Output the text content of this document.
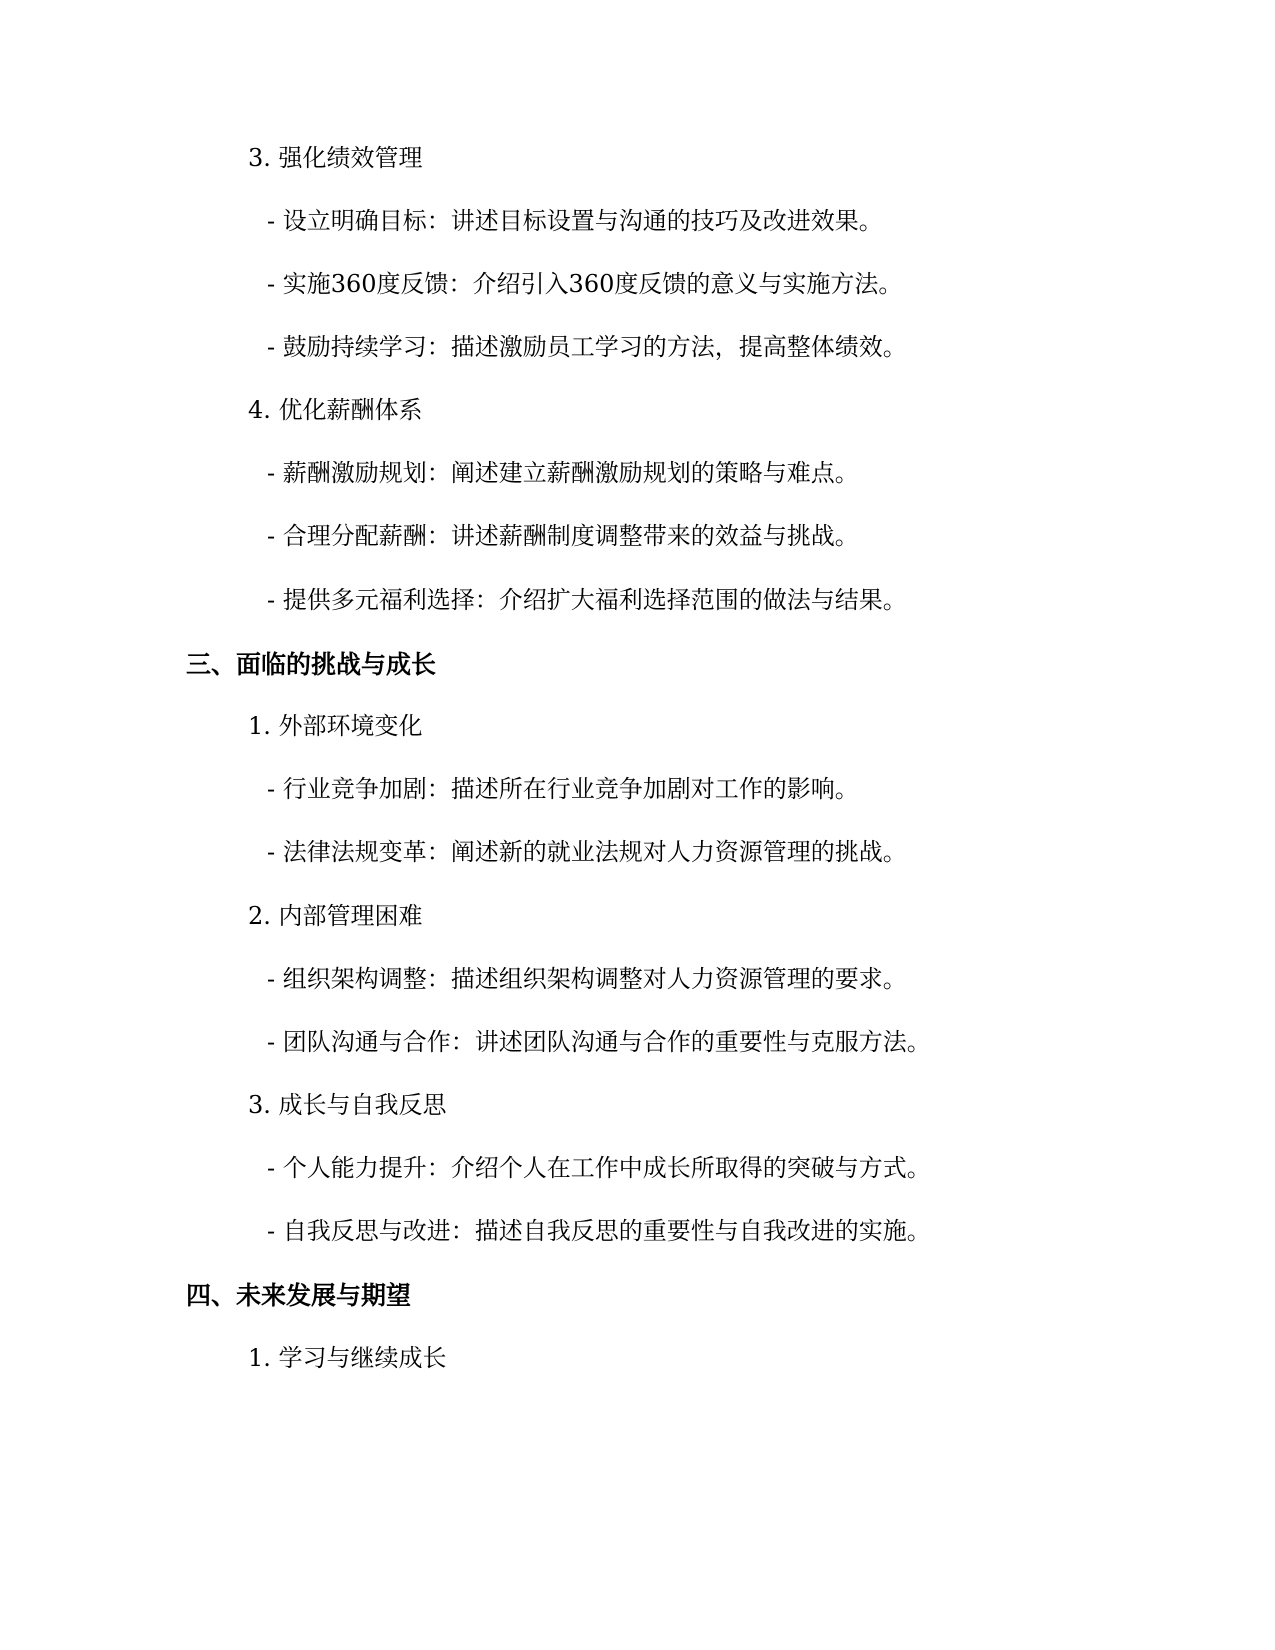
3. 强化绩效管理
- 设立明确目标：讲述目标设置与沟通的技巧及改进效果。
- 实施360度反馈：介绍引入360度反馈的意义与实施方法。
- 鼓励持续学习：描述激励员工学习的方法，提高整体绩效。
4. 优化薪酬体系
- 薪酬激励规划：阐述建立薪酬激励规划的策略与难点。
- 合理分配薪酬：讲述薪酬制度调整带来的效益与挑战。
- 提供多元福利选择：介绍扩大福利选择范围的做法与结果。
三、面临的挑战与成长
1. 外部环境变化
- 行业竞争加剧：描述所在行业竞争加剧对工作的影响。
- 法律法规变革：阐述新的就业法规对人力资源管理的挑战。
2. 内部管理困难
- 组织架构调整：描述组织架构调整对人力资源管理的要求。
- 团队沟通与合作：讲述团队沟通与合作的重要性与克服方法。
3. 成长与自我反思
- 个人能力提升：介绍个人在工作中成长所取得的突破与方式。
- 自我反思与改进：描述自我反思的重要性与自我改进的实施。
四、未来发展与期望
1. 学习与继续成长
